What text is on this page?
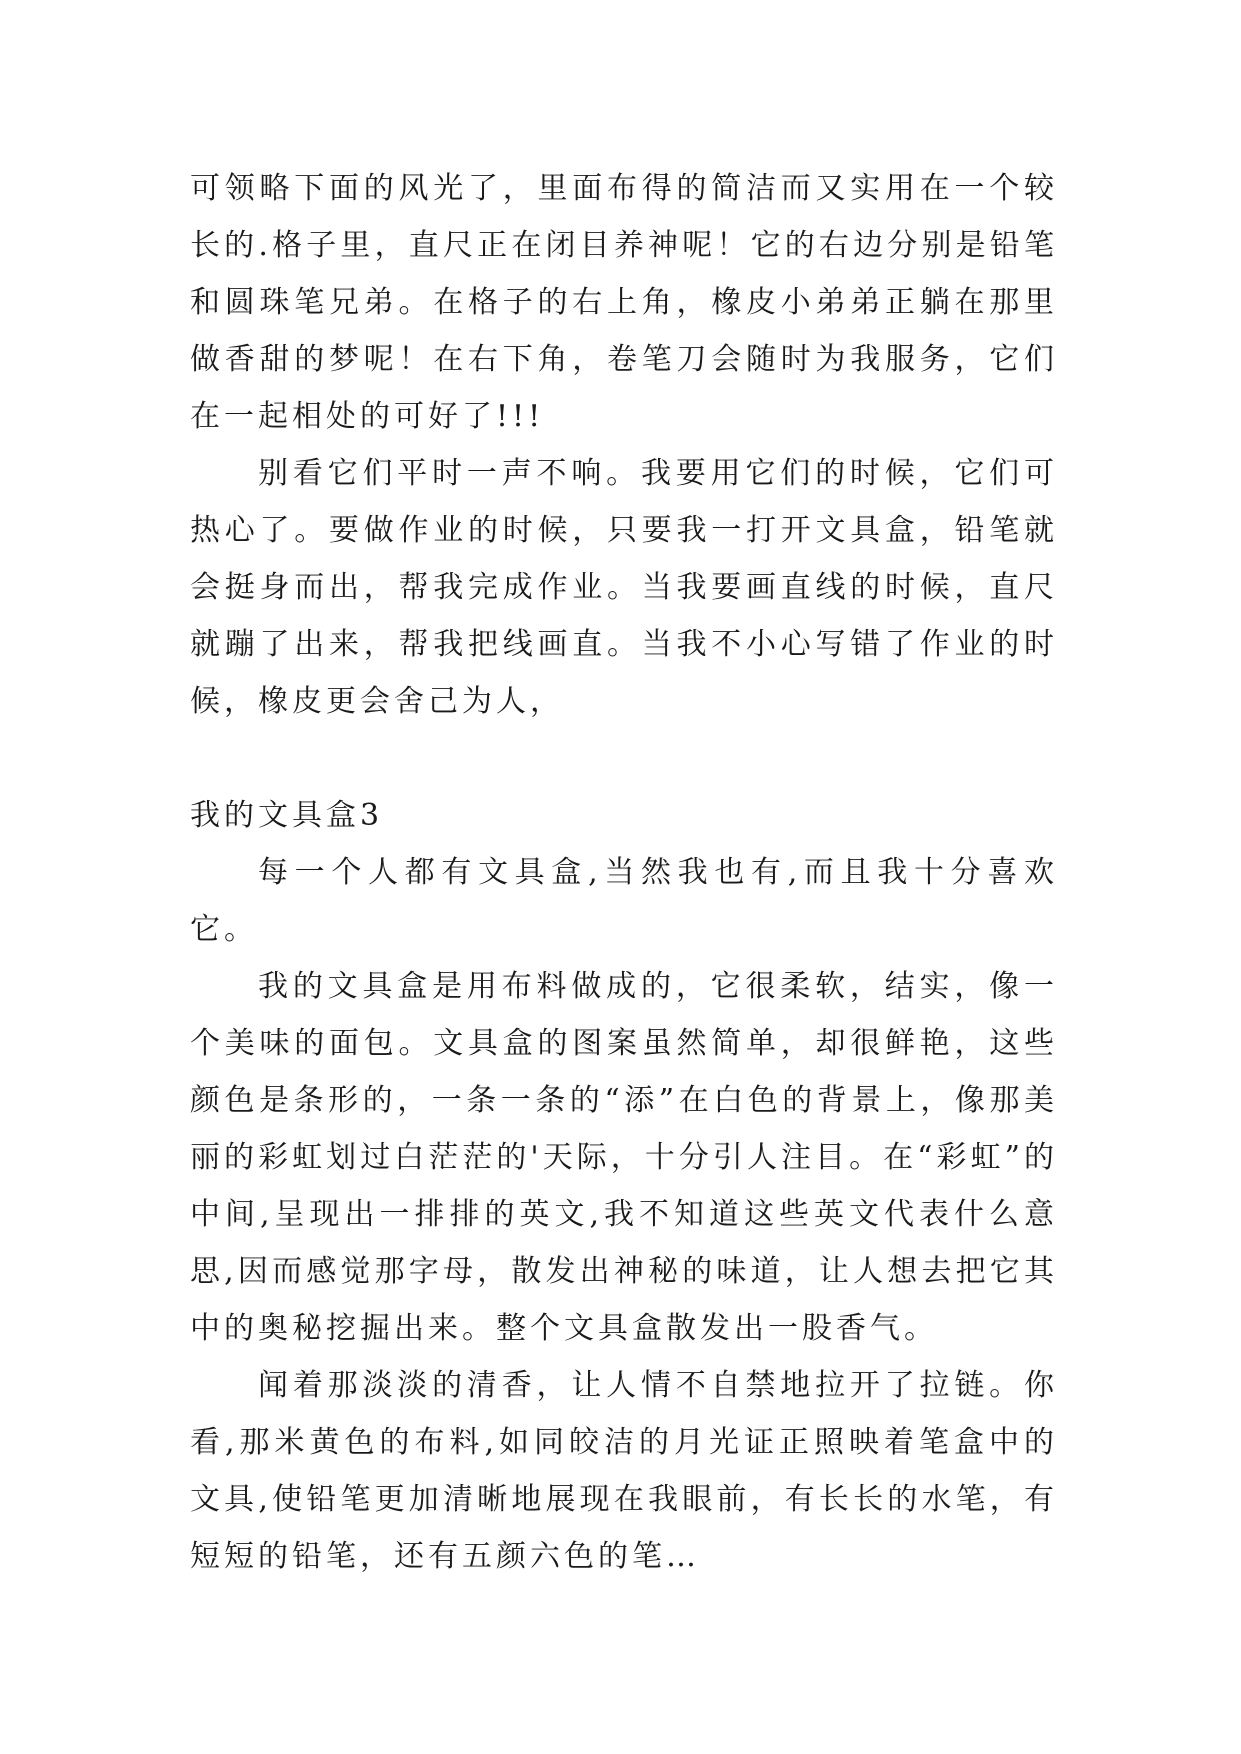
可领略下面的风光了，里面布得的简洁而又实用在一个较长的.格子里，直尺正在闭目养神呢！它的右边分别是铅笔和圆珠笔兄弟。在格子的右上角，橡皮小弟弟正躺在那里做香甜的梦呢！在右下角，卷笔刀会随时为我服务，它们在一起相处的可好了!!!

别看它们平时一声不响。我要用它们的时候，它们可热心了。要做作业的时候，只要我一打开文具盒，铅笔就会挺身而出，帮我完成作业。当我要画直线的时候，直尺就蹦了出来，帮我把线画直。当我不小心写错了作业的时候，橡皮更会舍己为人，

我的文具盒3

每一个人都有文具盒,当然我也有,而且我十分喜欢它。

我的文具盒是用布料做成的，它很柔软，结实，像一个美味的面包。文具盒的图案虽然简单，却很鲜艳，这些颜色是条形的，一条一条的“添”在白色的背景上，像那美丽的彩虹划过白茫茫的'天际，十分引人注目。在“彩虹”的中间,呈现出一排排的英文,我不知道这些英文代表什么意思,因而感觉那字母，散发出神秘的味道，让人想去把它其中的奥秘挖掘出来。整个文具盒散发出一股香气。

闻着那淡淡的清香，让人情不自禁地拉开了拉链。你看,那米黄色的布料,如同皎洁的月光证正照映着笔盒中的文具,使铅笔更加清晰地展现在我眼前，有长长的水笔，有短短的铅笔，还有五颜六色的笔…
